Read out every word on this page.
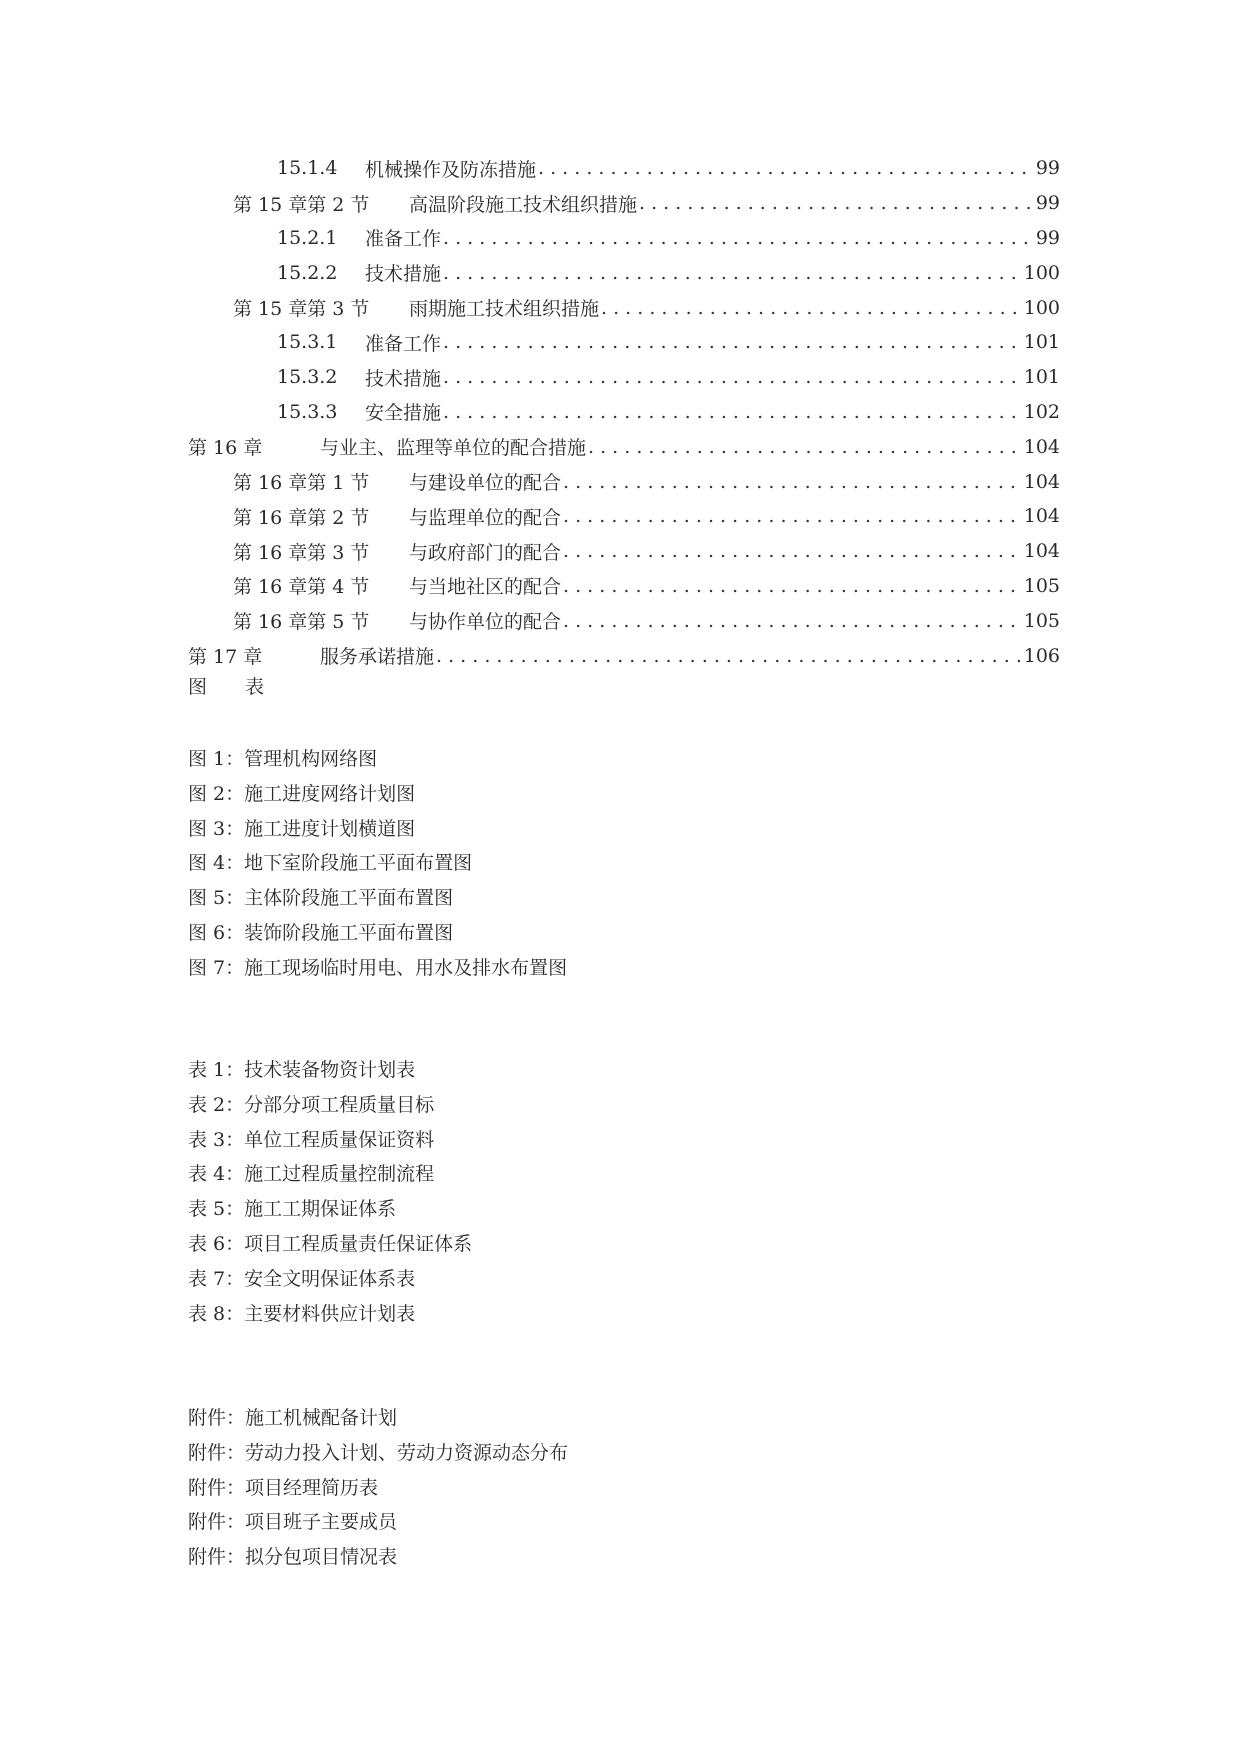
15.1.4	机械操作及防冻措施 . . .	99
第 15 章第 2 节	高温阶段施工技术组织措施 . . .	99
15.2.1	准备工作 . . .	99
15.2.2	技术措施 . . .	100
第 15 章第 3 节	雨期施工技术组织措施 . . .	100
15.3.1	准备工作 . . .	101
15.3.2	技术措施 . . .	101
15.3.3	安全措施 . . .	102
第 16 章	与业主、监理等单位的配合措施 . . .	104
第 16 章第 1 节	与建设单位的配合 . . .	104
第 16 章第 2 节	与监理单位的配合 . . .	104
第 16 章第 3 节	与政府部门的配合 . . .	104
第 16 章第 4 节	与当地社区的配合 . . .	105
第 16 章第 5 节	与协作单位的配合 . . .	105
第 17 章	服务承诺措施 . . .	106
图　　表
图 1：管理机构网络图
图 2：施工进度网络计划图
图 3：施工进度计划横道图
图 4：地下室阶段施工平面布置图
图 5：主体阶段施工平面布置图
图 6：装饰阶段施工平面布置图
图 7：施工现场临时用电、用水及排水布置图
表 1：技术装备物资计划表
表 2：分部分项工程质量目标
表 3：单位工程质量保证资料
表 4：施工过程质量控制流程
表 5：施工工期保证体系
表 6：项目工程质量责任保证体系
表 7：安全文明保证体系表
表 8：主要材料供应计划表
附件：施工机械配备计划
附件：劳动力投入计划、劳动力资源动态分布
附件：项目经理简历表
附件：项目班子主要成员
附件：拟分包项目情况表
